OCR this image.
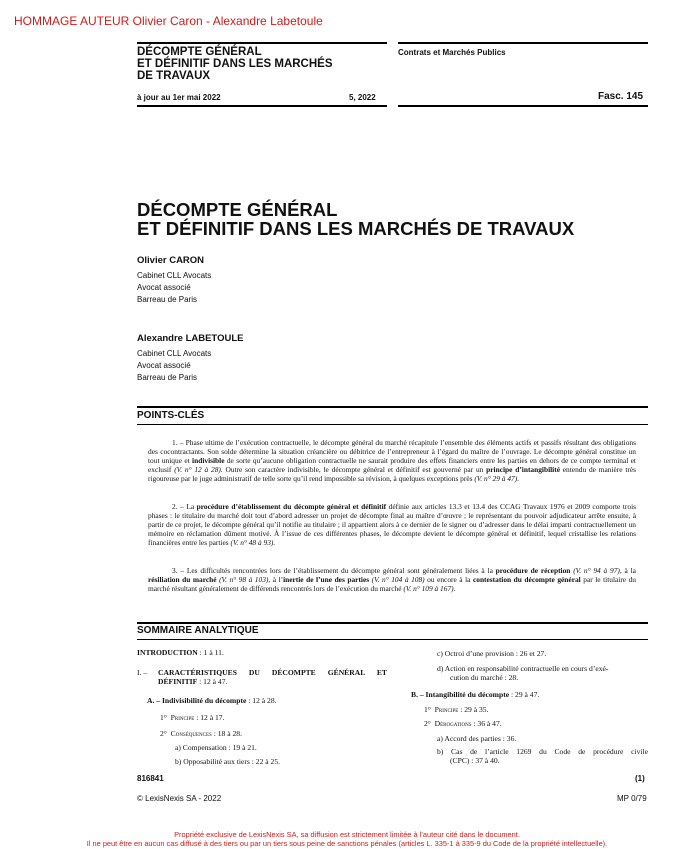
HOMMAGE AUTEUR Olivier Caron - Alexandre Labetoule
DÉCOMPTE GÉNÉRAL
ET DÉFINITIF DANS LES MARCHÉS
DE TRAVAUX
Contrats et Marchés Publics
à jour au 1er mai 2022	5, 2022	Fasc. 145
DÉCOMPTE GÉNÉRAL
ET DÉFINITIF DANS LES MARCHÉS DE TRAVAUX
Olivier CARON
Cabinet CLL Avocats
Avocat associé
Barreau de Paris
Alexandre LABETOULE
Cabinet CLL Avocats
Avocat associé
Barreau de Paris
POINTS-CLÉS
1. – Phase ultime de l’exécution contractuelle, le décompte général du marché récapitule l’ensemble des éléments actifs et passifs résultant des obligations des cocontractants. Son solde détermine la situation créancière ou débitrice de l’entrepreneur à l’égard du maître de l’ouvrage. Le décompte général constitue un tout unique et indivisible de sorte qu’aucune obligation contractuelle ne saurait produire des effets financiers entre les parties en dehors de ce compte terminal et exclusif (V. n° 12 à 28). Outre son caractère indivisible, le décompte général et définitif est gouverné par un principe d’intangibilité entendu de manière très rigoureuse par le juge administratif de telle sorte qu’il rend impossible sa révision, à quelques exceptions près (V. n° 29 à 47).
2. – La procédure d’établissement du décompte général et définitif définie aux articles 13.3 et 13.4 des CCAG Travaux 1976 et 2009 comporte trois phases : le titulaire du marché doit tout d’abord adresser un projet de décompte final au maître d’œuvre ; le représentant du pouvoir adjudicateur arrête ensuite, à partir de ce projet, le décompte général qu’il notifie au titulaire ; il appartient alors à ce dernier de le signer ou d’adresser dans le délai imparti contractuellement un mémoire en réclamation dûment motivé. À l’issue de ces différentes phases, le décompte devient le décompte général et définitif, lequel cristallise les relations financières entre les parties (V. n° 48 à 93).
3. – Les difficultés rencontrées lors de l’établissement du décompte général sont généralement liées à la procédure de réception (V. n° 94 à 97), à la résiliation du marché (V. n° 98 à 103), à l’inertie de l’une des parties (V. n° 104 à 108) ou encore à la contestation du décompte général par le titulaire du marché résultant généralement de différends rencontrés lors de l’exécution du marché (V. n° 109 à 167).
SOMMAIRE ANALYTIQUE
INTRODUCTION : 1 à 11.
I. – CARACTÉRISTIQUES DU DÉCOMPTE GÉNÉRAL ET
DÉFINITIF : 12 à 47.
A. – Indivisibilité du décompte : 12 à 28.
1° Principe : 12 à 17.
2° Conséquences : 18 à 28.
a) Compensation : 19 à 21.
b) Opposabilité aux tiers : 22 à 25.
c) Octroi d’une provision : 26 et 27.
d) Action en responsabilité contractuelle en cours d’exé-
cution du marché : 28.
B. – Intangibilité du décompte : 29 à 47.
1° Principe : 29 à 35.
2° Dérogations : 36 à 47.
a) Accord des parties : 36.
b) Cas de l’article 1269 du Code de procédure civile
(CPC) : 37 à 40.
816841	(1)
© LexisNexis SA - 2022	MP 0/79
Propriété exclusive de LexisNexis SA, sa diffusion est strictement limitée à l’auteur cité dans le document.
Il ne peut être en aucun cas diffusé à des tiers ou par un tiers sous peine de sanctions pénales (articles L. 335-1 à 335-9 du Code de la propriété intellectuelle).
